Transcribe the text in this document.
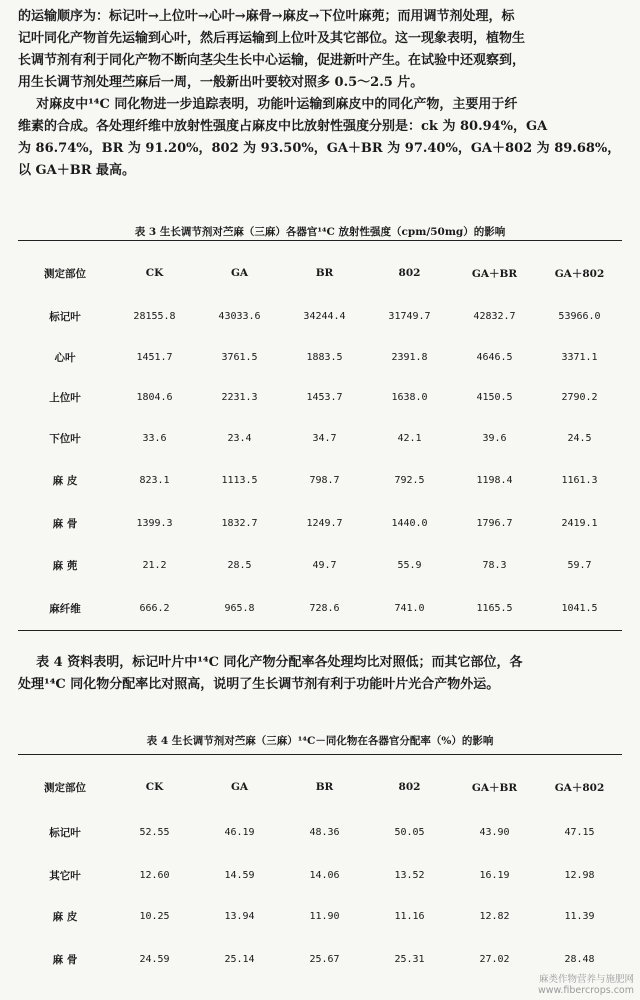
的运输顺序为：标记叶→上位叶→心叶→麻骨→麻皮→下位叶麻蔸；而用调节剂处理，标
记叶同化产物首先运输到心叶，然后再运输到上位叶及其它部位。这一现象表明，植物生
长调节剂有利于同化产物不断向茎尖生长中心运输，促进新叶产生。在试验中还观察到，
用生长调节剂处理苎麻后一周，一般新出叶要较对照多 0.5～2.5 片。
对麻皮中¹⁴C 同化物进一步追踪表明，功能叶运输到麻皮中的同化产物，主要用于纤
维素的合成。各处理纤维中放射性强度占麻皮中比放射性强度分别是：ck 为 80.94%，GA
为 86.74%，BR 为 91.20%，802 为 93.50%，GA＋BR 为 97.40%，GA＋802 为 89.68%，
以 GA＋BR 最高。

表 3 生长调节剂对苎麻（三麻）各器官¹⁴C 放射性强度（cpm/50mg）的影响

测定部位	CK	GA	BR	802	GA＋BR	GA＋802
标记叶	28155.8	43033.6	34244.4	31749.7	42832.7	53966.0
心叶	1451.7	3761.5	1883.5	2391.8	4646.5	3371.1
上位叶	1804.6	2231.3	1453.7	1638.0	4150.5	2790.2
下位叶	33.6	23.4	34.7	42.1	39.6	24.5
麻 皮	823.1	1113.5	798.7	792.5	1198.4	1161.3
麻 骨	1399.3	1832.7	1249.7	1440.0	1796.7	2419.1
麻 蔸	21.2	28.5	49.7	55.9	78.3	59.7
麻纤维	666.2	965.8	728.6	741.0	1165.5	1041.5

表 4 资料表明，标记叶片中¹⁴C 同化产物分配率各处理均比对照低；而其它部位，各
处理¹⁴C 同化物分配率比对照高，说明了生长调节剂有利于功能叶片光合产物外运。

表 4 生长调节剂对苎麻（三麻）¹⁴C－同化物在各器官分配率（%）的影响

测定部位	CK	GA	BR	802	GA＋BR	GA＋802
标记叶	52.55	46.19	48.36	50.05	43.90	47.15
其它叶	12.60	14.59	14.06	13.52	16.19	12.98
麻 皮	10.25	13.94	11.90	11.16	12.82	11.39
麻 骨	24.59	25.14	25.67	25.31	27.02	28.48
麻类作物营养与施肥网
www.fibercrops.com
